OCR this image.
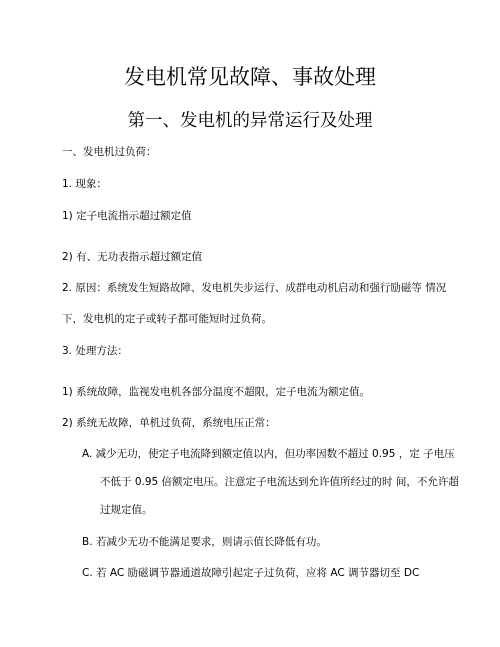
发电机常见故障、事故处理
第一、发电机的异常运行及处理
一、发电机过负荷：
1. 现象：
1) 定子电流指示超过额定值
2) 有、无功表指示超过额定值
2. 原因：系统发生短路故障、发电机失步运行、成群电动机启动和强行励磁等 情况
下，发电机的定子或转子都可能短时过负荷。
3. 处理方法：
1) 系统故障，监视发电机各部分温度不超限，定子电流为额定值。
2) 系统无故障，单机过负荷，系统电压正常：
A. 减少无功，使定子电流降到额定值以内，但功率因数不超过 0.95 ，定 子电压
不低于 0.95 倍额定电压。注意定子电流达到允许值所经过的时 间，不允许超
过规定值。
B. 若减少无功不能满足要求，则请示值长降低有功。
C. 若 AC 励磁调节器通道故障引起定子过负荷，应将 AC 调节器切至 DC
